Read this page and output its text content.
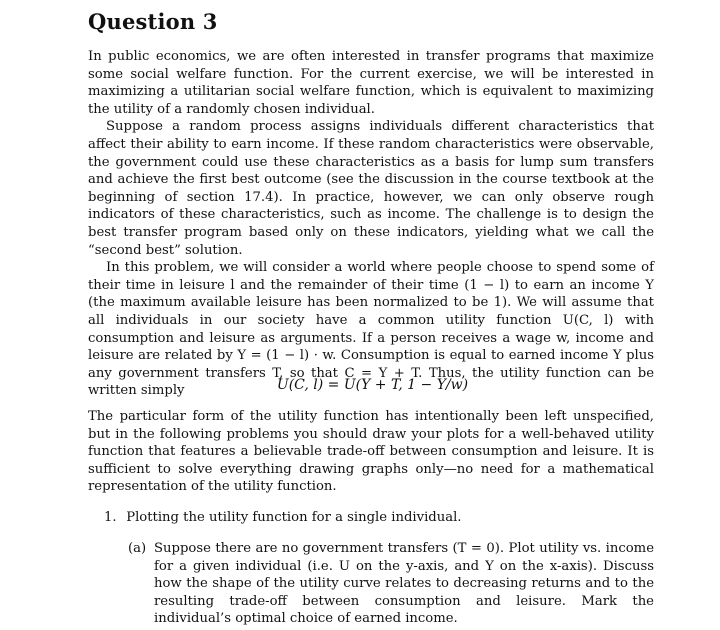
Question 3

In public economics, we are often interested in transfer programs that maximize some social welfare function. For the current exercise, we will be interested in maximizing a utilitarian social welfare function, which is equivalent to maximizing the utility of a randomly chosen individual.

Suppose a random process assigns individuals different characteristics that affect their ability to earn income. If these random characteristics were observable, the government could use these characteristics as a basis for lump sum transfers and achieve the first best outcome (see the discussion in the course textbook at the beginning of section 17.4). In practice, however, we can only observe rough indicators of these characteristics, such as income. The challenge is to design the best transfer program based only on these indicators, yielding what we call the “second best” solution.

In this problem, we will consider a world where people choose to spend some of their time in leisure l and the remainder of their time (1 − l) to earn an income Y (the maximum available leisure has been normalized to be 1). We will assume that all individuals in our society have a common utility function U(C, l) with consumption and leisure as arguments. If a person receives a wage w, income and leisure are related by Y = (1 − l) · w. Consumption is equal to earned income Y plus any government transfers T, so that C = Y + T. Thus, the utility function can be written simply	U(C, l) = U(Y + T, 1 − Y/w)

The particular form of the utility function has intentionally been left unspecified, but in the following problems you should draw your plots for a well-behaved utility function that features a believable trade-off between consumption and leisure. It is sufficient to solve everything drawing graphs only—no need for a mathematical representation of the utility function.

1. Plotting the utility function for a single individual.
(a) Suppose there are no government transfers (T = 0). Plot utility vs. income for a given individual (i.e. U on the y-axis, and Y on the x-axis). Discuss how the shape of the utility curve relates to decreasing returns and to the resulting trade-off between consumption and leisure. Mark the individual’s optimal choice of earned income.
